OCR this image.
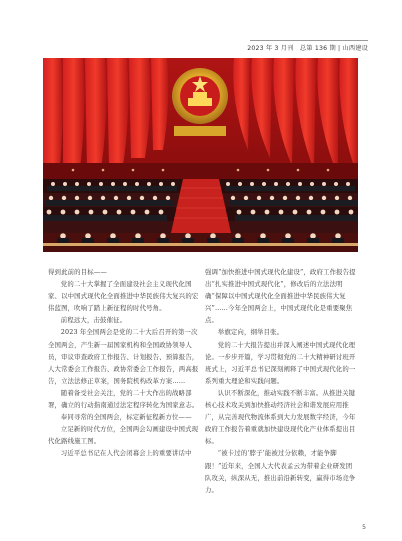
2023 年 3 月刊　总第 136 期 | 山西建设

得到此前的目标——

党的二十大掌握了全面建设社会主义现代化国家、以中国式现代化全面推进中华民族伟大复兴的宏伟蓝图，吹响了踏上新征程的时代号角。

前程远大，击鼓催征。

2023 年全国两会是党的二十大后召开的第一次全国两会，产生新一届国家机构和全国政协领导人员，审议审查政府工作报告、计划报告、预算报告，人大常委会工作报告、政协常委会工作报告，两高报告，立法法修正草案，国务院机构改革方案……

随着备受社会关注，党的二十大作出的战略部署，确立的行动指南通过法定程序转化为国家意志。

奉同寻常的全国两会，标定新征程新方位——

立足新的时代方位，全国两会勾画建设中国式现代化路线施工图。

习近平总书记在人代会闭幕会上的重要讲话中

强调“加快推进中国式现代化建设”，政府工作报告提出“扎实推进中国式现代化”，修改后的立法法明确“保障以中国式现代化全面推进中华民族伟大复兴”……今年全国两会上，中国式现代化是重要聚焦点。

举旗定向，纲举目张。

党的二十大报告提出并深入阐述中国式现代化理论。一步步开篇，学习贯彻党的二十大精神研讨班开班式上，习近平总书记深刻阐释了中国式现代化的一系列重大理论和实践问题。

认识不断深化，推动实践不断丰富。从推进关键核心技术攻关到加快推动经济社会和谐发展应用推广，从完善现代物流体系到大力发展数字经济，今年政府工作报告着重就加快建设现代化产业体系提出目标。

“被卡过的‘脖子’能被过分依赖，才能争脚跟！”近年来，全国人大代表孟云为带着企业研发团队攻关，纵深从无，推出前沿新转变，赢得市场竞争力。

5
